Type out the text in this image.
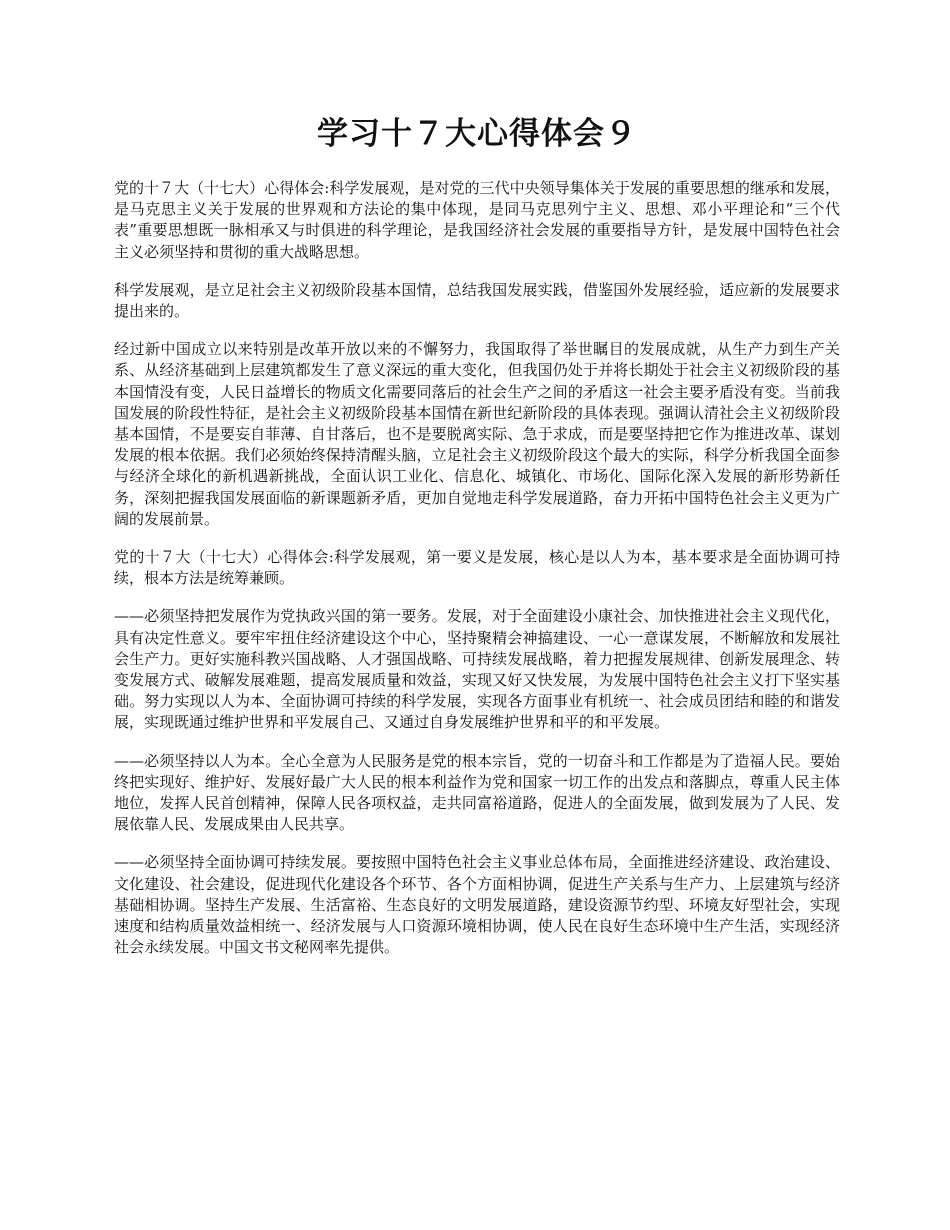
学习十７大心得体会９

党的十７大（十七大）心得体会:科学发展观，是对党的三代中央领导集体关于发展的重要思想的继承和发展，是马克思主义关于发展的世界观和方法论的集中体现，是同马克思列宁主义、思想、邓小平理论和“三个代表”重要思想既一脉相承又与时俱进的科学理论，是我国经济社会发展的重要指导方针，是发展中国特色社会主义必须坚持和贯彻的重大战略思想。

科学发展观，是立足社会主义初级阶段基本国情，总结我国发展实践，借鉴国外发展经验，适应新的发展要求提出来的。

经过新中国成立以来特别是改革开放以来的不懈努力，我国取得了举世瞩目的发展成就，从生产力到生产关系、从经济基础到上层建筑都发生了意义深远的重大变化，但我国仍处于并将长期处于社会主义初级阶段的基本国情没有变，人民日益增长的物质文化需要同落后的社会生产之间的矛盾这一社会主要矛盾没有变。当前我国发展的阶段性特征，是社会主义初级阶段基本国情在新世纪新阶段的具体表现。强调认清社会主义初级阶段基本国情，不是要妄自菲薄、自甘落后，也不是要脱离实际、急于求成，而是要坚持把它作为推进改革、谋划发展的根本依据。我们必须始终保持清醒头脑，立足社会主义初级阶段这个最大的实际，科学分析我国全面参与经济全球化的新机遇新挑战，全面认识工业化、信息化、城镇化、市场化、国际化深入发展的新形势新任务，深刻把握我国发展面临的新课题新矛盾，更加自觉地走科学发展道路，奋力开拓中国特色社会主义更为广阔的发展前景。

党的十７大（十七大）心得体会:科学发展观，第一要义是发展，核心是以人为本，基本要求是全面协调可持续，根本方法是统筹兼顾。

——必须坚持把发展作为党执政兴国的第一要务。发展，对于全面建设小康社会、加快推进社会主义现代化，具有决定性意义。要牢牢扭住经济建设这个中心，坚持聚精会神搞建设、一心一意谋发展，不断解放和发展社会生产力。更好实施科教兴国战略、人才强国战略、可持续发展战略，着力把握发展规律、创新发展理念、转变发展方式、破解发展难题，提高发展质量和效益，实现又好又快发展，为发展中国特色社会主义打下坚实基础。努力实现以人为本、全面协调可持续的科学发展，实现各方面事业有机统一、社会成员团结和睦的和谐发展，实现既通过维护世界和平发展自己、又通过自身发展维护世界和平的和平发展。

——必须坚持以人为本。全心全意为人民服务是党的根本宗旨，党的一切奋斗和工作都是为了造福人民。要始终把实现好、维护好、发展好最广大人民的根本利益作为党和国家一切工作的出发点和落脚点，尊重人民主体地位，发挥人民首创精神，保障人民各项权益，走共同富裕道路，促进人的全面发展，做到发展为了人民、发展依靠人民、发展成果由人民共享。

——必须坚持全面协调可持续发展。要按照中国特色社会主义事业总体布局，全面推进经济建设、政治建设、文化建设、社会建设，促进现代化建设各个环节、各个方面相协调，促进生产关系与生产力、上层建筑与经济基础相协调。坚持生产发展、生活富裕、生态良好的文明发展道路，建设资源节约型、环境友好型社会，实现速度和结构质量效益相统一、经济发展与人口资源环境相协调，使人民在良好生态环境中生产生活，实现经济社会永续发展。中国文书文秘网率先提供。
